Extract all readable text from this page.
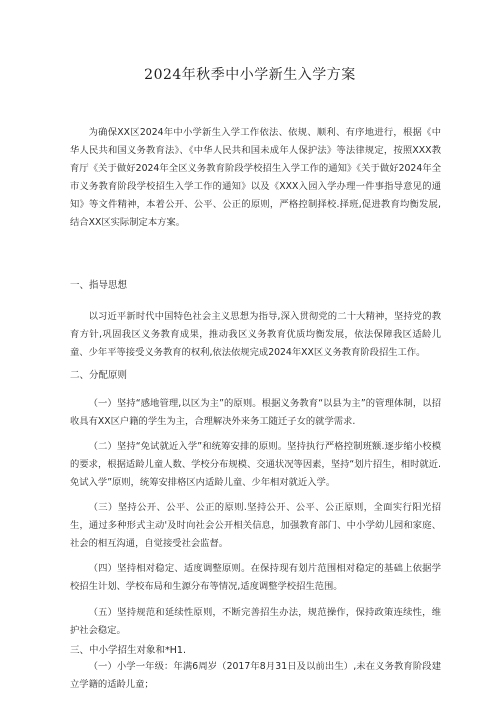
2024年秋季中小学新生入学方案

为确保XX区2024年中小学新生入学工作依法、依规、顺利、有序地进行，根据《中华人民共和国义务教育法》、《中华人民共和国未成年人保护法》等法律规定，按照XXX教育厅《关于做好2024年全区义务教育阶段学校招生入学工作的通知》《关于做好2024年全市义务教育阶段学校招生入学工作的通知》以及《XXX入园入学办理一件事指导意见的通知》等文件精神，本着公开、公平、公正的原则，严格控制择校.择班,促进教育均衡发展,结合XX区实际制定本方案。

一、指导思想

以习近平新时代中国特色社会主义思想为指导,深入贯彻党的二十大精神，坚持党的教育方针,巩固我区义务教育成果，推动我区义务教育优质均衡发展，依法保障我区适龄儿童、少年平等接受义务教育的权利,依法依规完成2024年XX区义务教育阶段招生工作。

二、分配原则

（一）坚持“感地管理,以区为主”的原则。根据义务教育“以县为主”的管理体制，以招收具有XX区户籍的学生为主，合理解决外来务工随迁子女的就学需求.

（二）坚持“免试就近入学”和统筹安排的原则。坚持执行严格控制班额.逐步缩小校模的要求，根据适龄儿童人数、学校分布规模、交通状况等因素，坚持“划片招生，相时就近.免试入学”原则，统筹安排格区内适龄儿童、少年相对就近入学。

（三）坚持公开、公平、公正的原则.坚持公开、公平、公正原则，全面实行阳光招生，通过多种形式主动'及时向社会公开相关信息，加强教育部门、中小学幼儿园和家庭、社会的相互沟通，自觉接受社会监督。

（四）坚持相对稳定、适度调整原则。在保持现有划片范围相对稳定的基础上依据学校招生计划、学校布局和生源分布等情况,适度调整学校招生范围。

（五）坚持规范和延续性原则，不断完善招生办法，规范操作，保持政策连续性，维护社会稳定。

三、中小学招生对象和*H1.

（一）小学一年级：年满6周岁（2017年8月31日及以前出生）,未在义务教育阶段建立学籍的适龄儿童；
